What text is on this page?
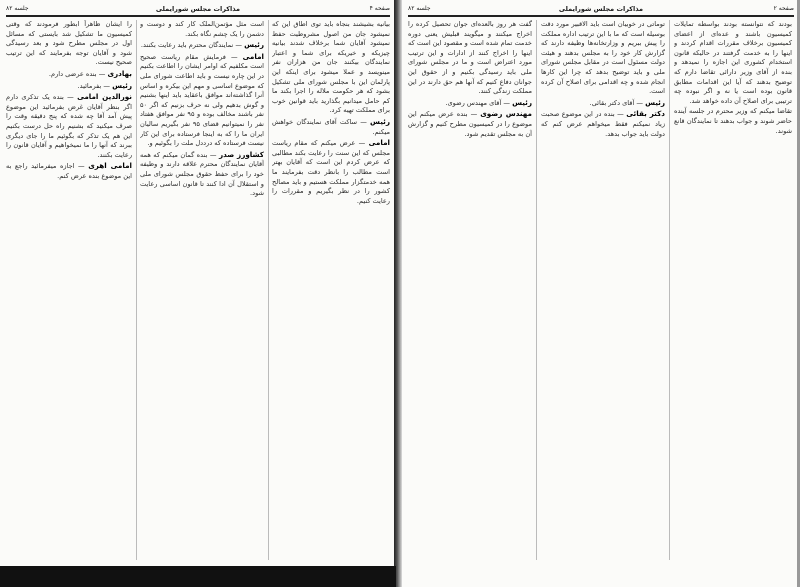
صفحه ۴
مذاکرات مجلس شورایملی
جلسه ۸۲

بیانیه بشیشند بنجاه باید توی اطاق این که نمیشود جان من اصول مشروطیت حفظ نمیشود آقایان شما برخلاف شدند بیانیه چیزیکه و خیریکه برای شما و اعتبار نمایندگان بیکنند جان من هزاران نفر مینویسد و عملا میشود برای اینکه این پارلمان این با مجلس شورای ملی تشکیل بشود که هر حکومت ملاله را اجرا بکند ما کم حامل میدانیم بگذارید باید قوانین خوب برای مملکت تهیه کرد.

رئیس — ساکت آقای نمایندگان خواهش میکنم.

امامی — عرض میکنم که مقام ریاست مجلس که این سنت را رعایت بکند مطالبی که عرض کردم این است که آقایان بهتر است مطالب را بانظر دقت بفرمایند ما همه خدمتگزار مملکت هستیم و باید مصالح کشور را در نظر بگیریم و مقررات را رعایت کنیم.

است مثل مؤتمن‌الملک کار کند و دوست و دشمن را یک چشم نگاه بکند.

رئیس — نمایندگان محترم باید رعایت بکنند.

امامی — فرمایش مقام ریاست صحیح است مکلفیم که اوامر ایشان را اطاعت بکنیم در این چاره نیست و باید اطاعت شورای ملی که موضوع اساسی و مهم این بیکره و اساس آنرا گذاشته‌اند موافق باعقاید باید اینها بشنیم و گوش بدهیم ولی نه حرف بزنیم که اگر ۵۰ نفر باشند مخالف بوده و ۹۵ نفر موافق هفتاد نفر را نمیتوانیم قضای ۹۵ نفر بگیریم سالیان ایران ما را که به اینجا فرستاده برای این کار نیست فرستاده که درددل ملت را بگوئیم و.

کشاورز صدر — بنده گمان میکنم که همه آقایان نمایندگان محترم علاقه دارند و وظیفه خود را برای حفظ حقوق مجلس شورای ملی و استقلال آن ادا کنند تا قانون اساسی رعایت شود.

را ایشان ظاهراً ابطور فرمودند که وقتی کمیسیون ما تشکیل شد بایستی که مسائل اول در مجلس مطرح شود و بعد رسیدگی شود و آقایان توجه بفرمایند که این ترتیب صحیح نیست.

بهادری — بنده عرضی دارم.

رئیس — بفرمائید.

نورالدین امامی — بنده یک تذکری دارم اگر بنظر آقایان غرض بفرمائید این موضوع پیش آمد آقا چه شده که پنج دقیقه وقت را صرف میکنید که بشنیم راه حل درست بکنیم این هم یک تذکر که بگوئیم ما را جای دیگری ببرند که آنها را ما نمیخواهیم و آقایان قانون را رعایت بکنند.

امامی اهری — اجازه میفرمائید راجع به این موضوع بنده عرض کنم.

صفحه ۲
مذاکرات مجلس شورایملی
جلسه ۸۲

گفت هر روز بالعده‌ای جوان تحصیل کرده را اخراج میکنند و میگویند قبلیش یعنی دوره خدمت تمام شده است و مقصود این است که اینها را اخراج کنند از ادارات و این ترتیب مورد اعتراض است و ما در مجلس شورای ملی باید رسیدگی بکنیم و از حقوق این جوانان دفاع کنیم که آنها هم حق دارند در این مملکت زندگی کنند.

رئیس — آقای مهندس رضوی.

مهندس رضوی — بنده عرض میکنم این موضوع را در کمیسیون مطرح کنیم و گزارش آن به مجلس تقدیم شود.

توماتی در خوبیان است باید الاقبیر مورد دقت بوسیله است که ما با این ترتیب اداره مملکت را پیش ببریم و وزارتخانه‌ها وظیفه دارند که گزارش کار خود را به مجلس بدهند و هیئت دولت مسئول است در مقابل مجلس شورای ملی و باید توضیح بدهد که چرا این کارها انجام شده و چه اقدامی برای اصلاح آن کرده است.

رئیس — آقای دکتر بقائی.

دکتر بقائی — بنده در این موضوع صحبت زیاد نمیکنم فقط میخواهم عرض کنم که دولت باید جواب بدهد.

بودند که نتوانسته بودند بواسطه تمایلات کمیسیون باشند و عده‌ای از اعضای کمیسیون برخلاف مقررات اقدام کردند و اینها را به خدمت گرفتند در حالیکه قانون استخدام کشوری این اجازه را نمیدهد و بنده از آقای وزیر دارائی تقاضا دارم که توضیح بدهند که آیا این اقدامات مطابق قانون بوده است یا نه و اگر نبوده چه ترتیبی برای اصلاح آن داده خواهد شد.

تقاضا میکنم که وزیر محترم در جلسه آینده حاضر شوند و جواب بدهند تا نمایندگان قانع شوند.
